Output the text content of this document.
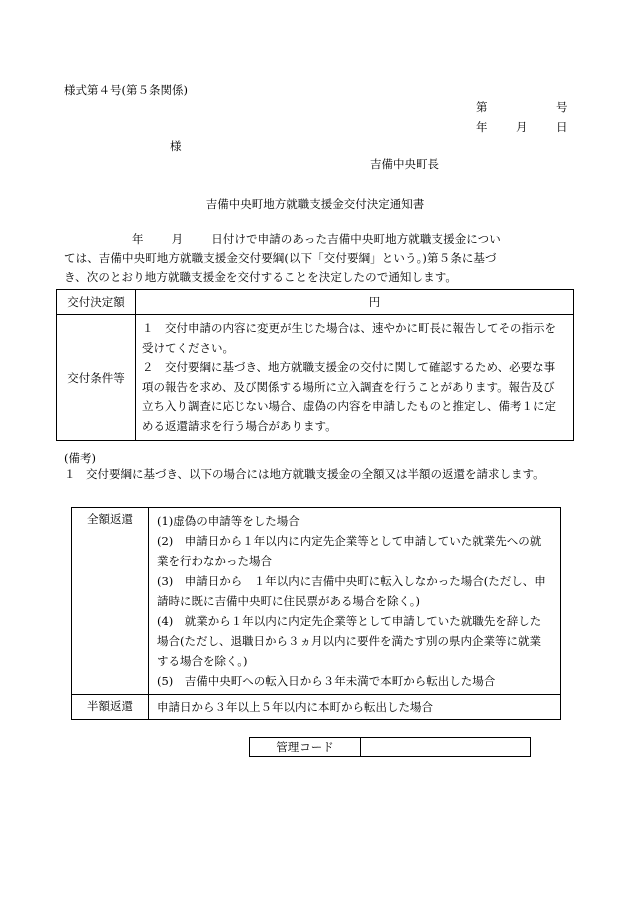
様式第４号(第５条関係)
第	号
年 月 日
様
吉備中央町長
吉備中央町地方就職支援金交付決定通知書

年 月 日付けで申請のあった吉備中央町地方就職支援金につい

ては、吉備中央町地方就職支援金交付要綱(以下「交付要綱」という。)第５条に基づ

き、次のとおり地方就職支援金を交付することを決定したので通知します。

交付決定額	円
交付条件等	１　交付申請の内容に変更が生じた場合は、速やかに町長に報告してその指示を受けてください。
２　交付要綱に基づき、地方就職支援金の交付に関して確認するため、必要な事項の報告を求め、及び関係する場所に立入調査を行うことがあります。報告及び立ち入り調査に応じない場合、虚偽の内容を申請したものと推定し、備考１に定める返還請求を行う場合があります。
(備考)
１ 交付要綱に基づき、以下の場合には地方就職支援金の全額又は半額の返還を請求します。
全額返還	(1)虚偽の申請等をした場合
(2)　申請日から１年以内に内定先企業等として申請していた就業先への就業を行わなかった場合
(3)　申請日から　１年以内に吉備中央町に転入しなかった場合(ただし、申請時に既に吉備中央町に住民票がある場合を除く。)
(4)　就業から１年以内に内定先企業等として申請していた就職先を辞した場合(ただし、退職日から３ヵ月以内に要件を満たす別の県内企業等に就業する場合を除く。)
(5)　吉備中央町への転入日から３年未満で本町から転出した場合

半額返還	申請日から３年以上５年以内に本町から転出した場合
管理コード	
